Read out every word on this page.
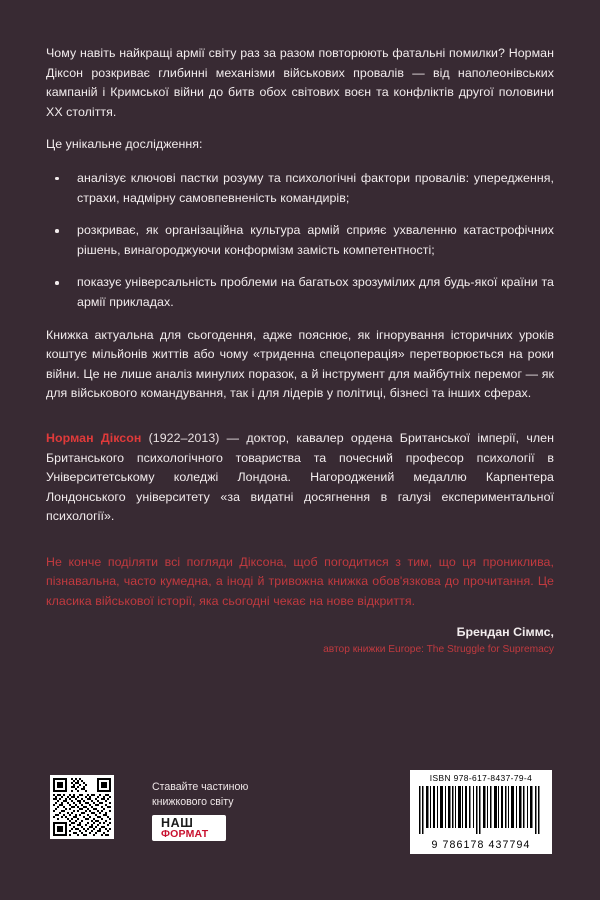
Чому навіть найкращі армії світу раз за разом повторюють фатальні помилки? Норман Діксон розкриває глибинні механізми військових провалів — від наполеонівських кампаній і Кримської війни до битв обох світових воєн та конфліктів другої половини XX століття.

Це унікальне дослідження:

аналізує ключові пастки розуму та психологічні фактори провалів: упередження, страхи, надмірну самовпевненість командирів;
розкриває, як організаційна культура армій сприяє ухваленню катастрофічних рішень, винагороджуючи конформізм замість компетентності;
показує універсальність проблеми на багатьох зрозумілих для будь-якої країни та армії прикладах.

Книжка актуальна для сьогодення, адже пояснює, як ігнорування історичних уроків коштує мільйонів життів або чому «триденна спецоперація» перетворюється на роки війни. Це не лише аналіз минулих поразок, а й інструмент для майбутніх перемог — як для військового командування, так і для лідерів у політиці, бізнесі та інших сферах.

Норман Діксон (1922–2013) — доктор, кавалер ордена Британської імперії, член Британського психологічного товариства та почесний професор психології в Університетському коледжі Лондона. Нагороджений медаллю Карпентера Лондонського університету «за видатні досягнення в галузі експериментальної психології».

Не конче поділяти всі погляди Діксона, щоб погодитися з тим, що ця прониклива, пізнавальна, часто кумедна, а іноді й тривожна книжка обов'язкова до прочитання. Це класика військової історії, яка сьогодні чекає на нове відкриття.

Брендан Сіммс,
автор книжки Europe: The Struggle for Supremacy
Ставайте частиною
книжкового світу
НАШ
ФОРМАТ
ISBN 978-617-8437-79-4
9 786178 437794
